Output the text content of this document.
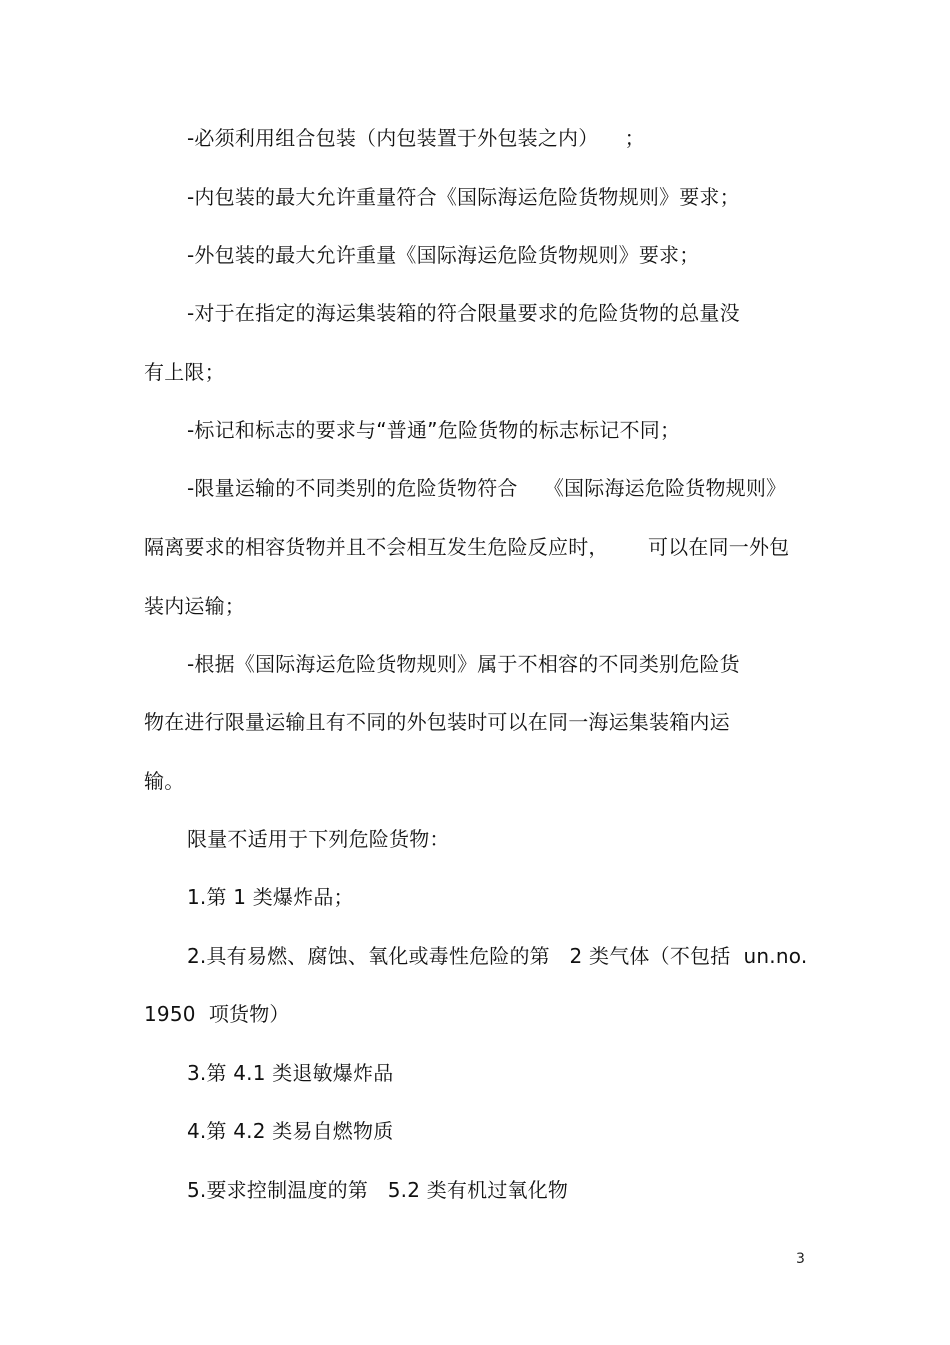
-必须利用组合包装（内包装置于外包装之内）    ；
-内包装的最大允许重量符合《国际海运危险货物规则》要求；
-外包装的最大允许重量《国际海运危险货物规则》要求；
-对于在指定的海运集装箱的符合限量要求的危险货物的总量没
有上限；
-标记和标志的要求与“普通”危险货物的标志标记不同；
-限量运输的不同类别的危险货物符合    《国际海运危险货物规则》
隔离要求的相容货物并且不会相互发生危险反应时，      可以在同一外包
装内运输；
-根据《国际海运危险货物规则》属于不相容的不同类别危险货
物在进行限量运输且有不同的外包装时可以在同一海运集装箱内运
输。
限量不适用于下列危险货物：
1.第 1 类爆炸品；
2.具有易燃、腐蚀、氧化或毒性危险的第   2 类气体（不包括  un.no.
1950  项货物）
3.第 4.1 类退敏爆炸品
4.第 4.2 类易自燃物质
5.要求控制温度的第   5.2 类有机过氧化物
3
